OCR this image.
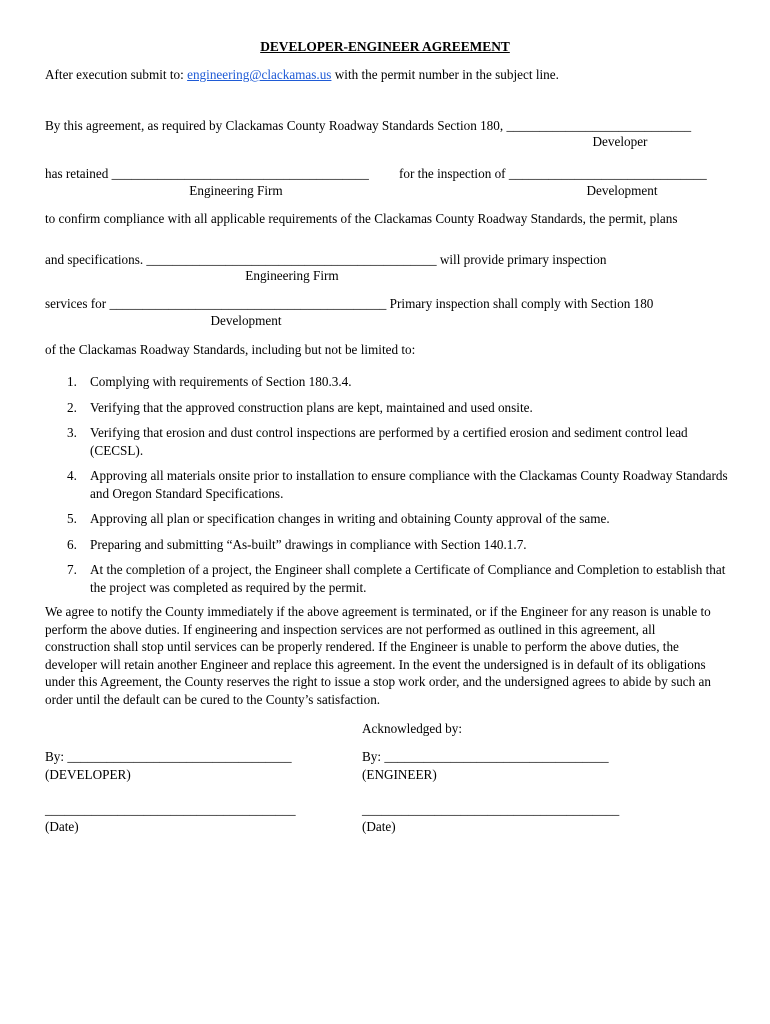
DEVELOPER-ENGINEER AGREEMENT
After execution submit to: engineering@clackamas.us with the permit number in the subject line.
By this agreement, as required by Clackamas County Roadway Standards Section 180, ____________________________
Developer
has retained _______________________________________ for the inspection of ______________________________
Engineering Firm	Development
to confirm compliance with all applicable requirements of the Clackamas County Roadway Standards, the permit, plans
and specifications. ____________________________________________ will provide primary inspection
Engineering Firm
services for __________________________________________ Primary inspection shall comply with Section 180
Development
of the Clackamas Roadway Standards, including but not be limited to:
1. Complying with requirements of Section 180.3.4.
2. Verifying that the approved construction plans are kept, maintained and used onsite.
3. Verifying that erosion and dust control inspections are performed by a certified erosion and sediment control lead (CECSL).
4. Approving all materials onsite prior to installation to ensure compliance with the Clackamas County Roadway Standards and Oregon Standard Specifications.
5. Approving all plan or specification changes in writing and obtaining County approval of the same.
6. Preparing and submitting “As-built” drawings in compliance with Section 140.1.7.
7. At the completion of a project, the Engineer shall complete a Certificate of Compliance and Completion to establish that the project was completed as required by the permit.
We agree to notify the County immediately if the above agreement is terminated, or if the Engineer for any reason is unable to perform the above duties. If engineering and inspection services are not performed as outlined in this agreement, all construction shall stop until services can be properly rendered. If the Engineer is unable to perform the above duties, the developer will retain another Engineer and replace this agreement. In the event the undersigned is in default of its obligations under this Agreement, the County reserves the right to issue a stop work order, and the undersigned agrees to abide by such an order until the default can be cured to the County’s satisfaction.
Acknowledged by:
By: __________________________________
(DEVELOPER)
By: __________________________________
(ENGINEER)
______________________________________
(Date)
_______________________________________
(Date)
